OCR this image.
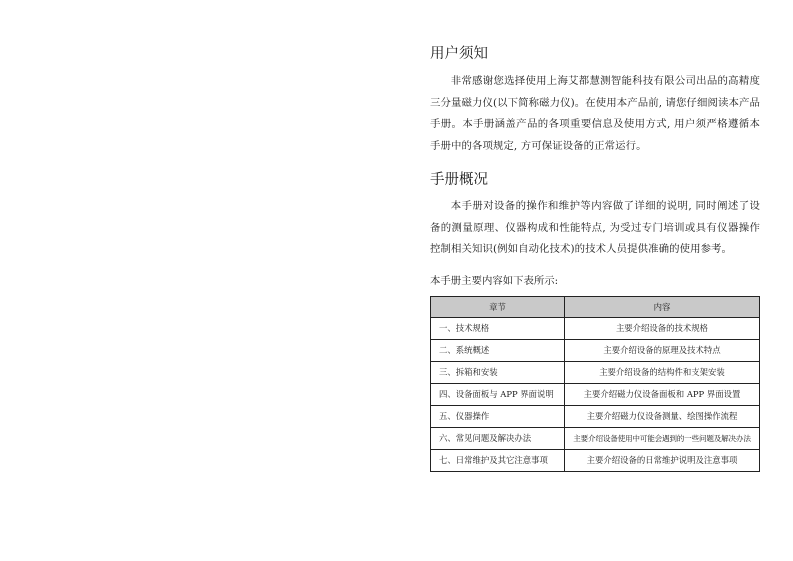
用户须知

非常感谢您选择使用上海艾都慧测智能科技有限公司出品的高精度三分量磁力仪(以下简称磁力仪)。在使用本产品前, 请您仔细阅读本产品手册。本手册涵盖产品的各项重要信息及使用方式, 用户须严格遵循本手册中的各项规定, 方可保证设备的正常运行。

手册概况

本手册对设备的操作和维护等内容做了详细的说明, 同时阐述了设备的测量原理、仪器构成和性能特点, 为受过专门培训或具有仪器操作控制相关知识(例如自动化技术)的技术人员提供准确的使用参考。

本手册主要内容如下表所示:
章节	内容
一、技术规格	主要介绍设备的技术规格
二、系统概述	主要介绍设备的原理及技术特点
三、拆箱和安装	主要介绍设备的结构件和支架安装
四、设备面板与 APP 界面说明	主要介绍磁力仪设备面板和 APP 界面设置
五、仪器操作	主要介绍磁力仪设备测量、绘图操作流程
六、常见问题及解决办法	主要介绍设备使用中可能会遇到的一些问题及解决办法
七、日常维护及其它注意事项	主要介绍设备的日常维护说明及注意事项
